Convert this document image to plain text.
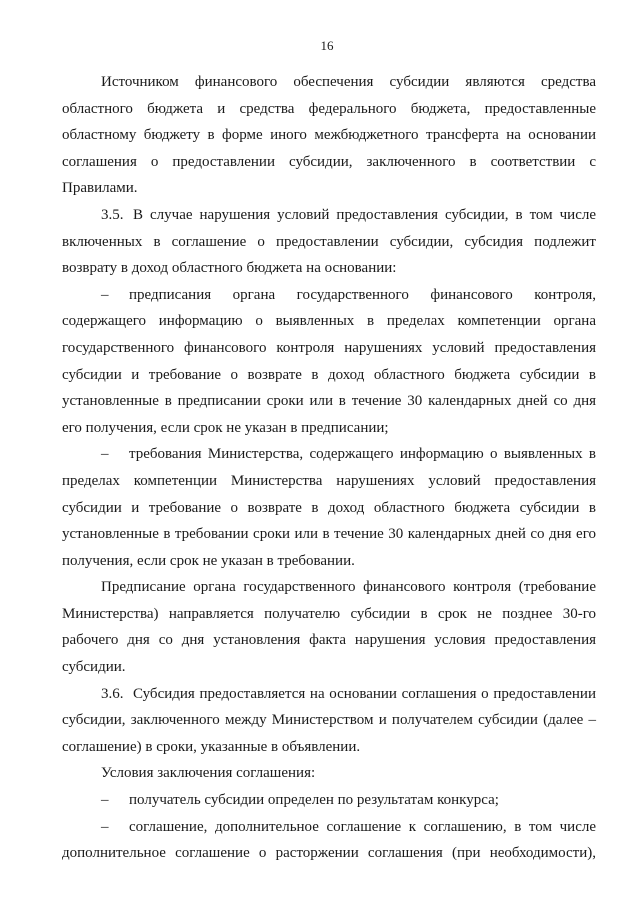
16

Источником финансового обеспечения субсидии являются средства областного бюджета и средства федерального бюджета, предоставленные областному бюджету в форме иного межбюджетного трансферта на основании соглашения о предоставлении субсидии, заключенного в соответствии с Правилами.

3.5. В случае нарушения условий предоставления субсидии, в том числе включенных в соглашение о предоставлении субсидии, субсидия подлежит возврату в доход областного бюджета на основании:

– предписания органа государственного финансового контроля, содержащего информацию о выявленных в пределах компетенции органа государственного финансового контроля нарушениях условий предоставления субсидии и требование о возврате в доход областного бюджета субсидии в установленные в предписании сроки или в течение 30 календарных дней со дня его получения, если срок не указан в предписании;

– требования Министерства, содержащего информацию о выявленных в пределах компетенции Министерства нарушениях условий предоставления субсидии и требование о возврате в доход областного бюджета субсидии в установленные в требовании сроки или в течение 30 календарных дней со дня его получения, если срок не указан в требовании.

Предписание органа государственного финансового контроля (требование Министерства) направляется получателю субсидии в срок не позднее 30-го рабочего дня со дня установления факта нарушения условия предоставления субсидии.

3.6. Субсидия предоставляется на основании соглашения о предоставлении субсидии, заключенного между Министерством и получателем субсидии (далее – соглашение) в сроки, указанные в объявлении.

Условия заключения соглашения:

– получатель субсидии определен по результатам конкурса;

– соглашение, дополнительное соглашение к соглашению, в том числе дополнительное соглашение о расторжении соглашения (при необходимости),
